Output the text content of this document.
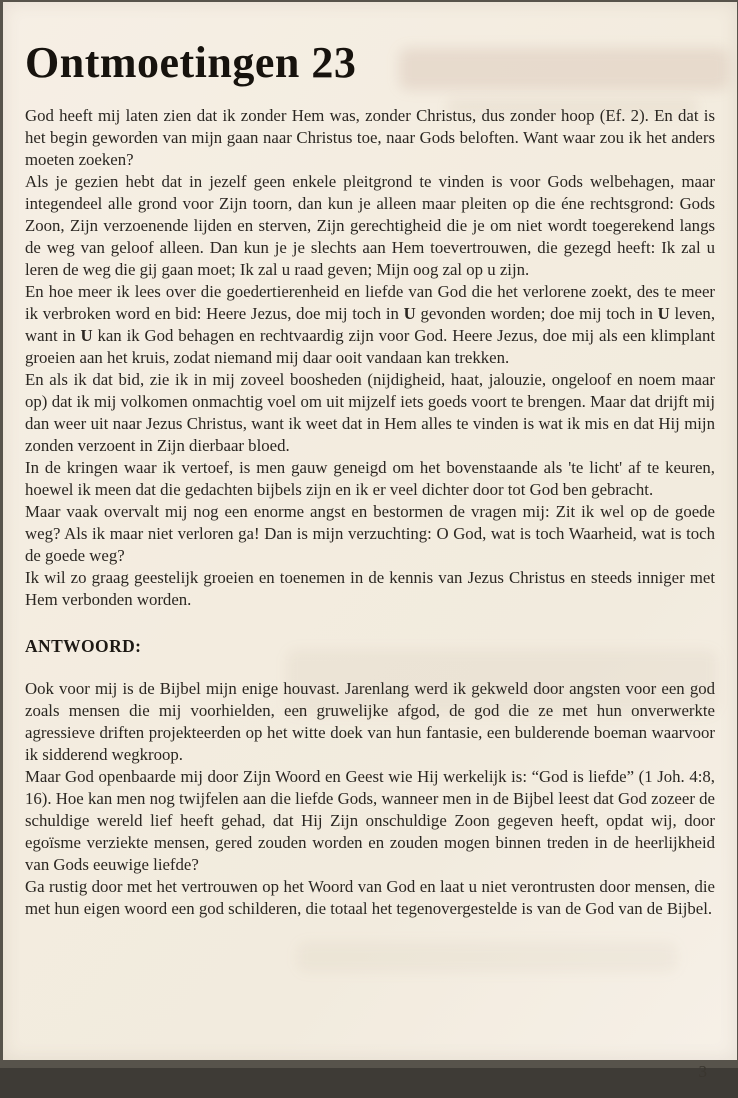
Ontmoetingen 23

God heeft mij laten zien dat ik zonder Hem was, zonder Christus, dus zonder hoop (Ef. 2). En dat is het begin geworden van mijn gaan naar Christus toe, naar Gods beloften. Want waar zou ik het anders moeten zoeken?

Als je gezien hebt dat in jezelf geen enkele pleitgrond te vinden is voor Gods welbehagen, maar integendeel alle grond voor Zijn toorn, dan kun je alleen maar pleiten op die éne rechtsgrond: Gods Zoon, Zijn verzoenende lijden en sterven, Zijn gerechtigheid die je om niet wordt toegerekend langs de weg van geloof alleen. Dan kun je je slechts aan Hem toevertrouwen, die gezegd heeft: Ik zal u leren de weg die gij gaan moet; Ik zal u raad geven; Mijn oog zal op u zijn.

En hoe meer ik lees over die goedertierenheid en liefde van God die het verlorene zoekt, des te meer ik verbroken word en bid: Heere Jezus, doe mij toch in U gevonden worden; doe mij toch in U leven, want in U kan ik God behagen en rechtvaardig zijn voor God. Heere Jezus, doe mij als een klimplant groeien aan het kruis, zodat niemand mij daar ooit vandaan kan trekken.

En als ik dat bid, zie ik in mij zoveel boosheden (nijdigheid, haat, jalouzie, ongeloof en noem maar op) dat ik mij volkomen onmachtig voel om uit mijzelf iets goeds voort te brengen. Maar dat drijft mij dan weer uit naar Jezus Christus, want ik weet dat in Hem alles te vinden is wat ik mis en dat Hij mijn zonden verzoent in Zijn dierbaar bloed.

In de kringen waar ik vertoef, is men gauw geneigd om het bovenstaande als 'te licht' af te keuren, hoewel ik meen dat die gedachten bijbels zijn en ik er veel dichter door tot God ben gebracht.

Maar vaak overvalt mij nog een enorme angst en bestormen de vragen mij: Zit ik wel op de goede weg? Als ik maar niet verloren ga! Dan is mijn verzuchting: O God, wat is toch Waarheid, wat is toch de goede weg?

Ik wil zo graag geestelijk groeien en toenemen in de kennis van Jezus Christus en steeds inniger met Hem verbonden worden.

ANTWOORD:

Ook voor mij is de Bijbel mijn enige houvast. Jarenlang werd ik gekweld door angsten voor een god zoals mensen die mij voorhielden, een gruwelijke afgod, de god die ze met hun onverwerkte agressieve driften projekteerden op het witte doek van hun fantasie, een bulderende boeman waarvoor ik sidderend wegkroop.

Maar God openbaarde mij door Zijn Woord en Geest wie Hij werkelijk is: “God is liefde” (1 Joh. 4:8, 16). Hoe kan men nog twijfelen aan die liefde Gods, wanneer men in de Bijbel leest dat God zozeer de schuldige wereld lief heeft gehad, dat Hij Zijn onschuldige Zoon gegeven heeft, opdat wij, door egoïsme verziekte mensen, gered zouden worden en zouden mogen binnen treden in de heerlijkheid van Gods eeuwige liefde?

Ga rustig door met het vertrouwen op het Woord van God en laat u niet verontrusten door mensen, die met hun eigen woord een god schilderen, die totaal het tegenovergestelde is van de God van de Bijbel.

3
